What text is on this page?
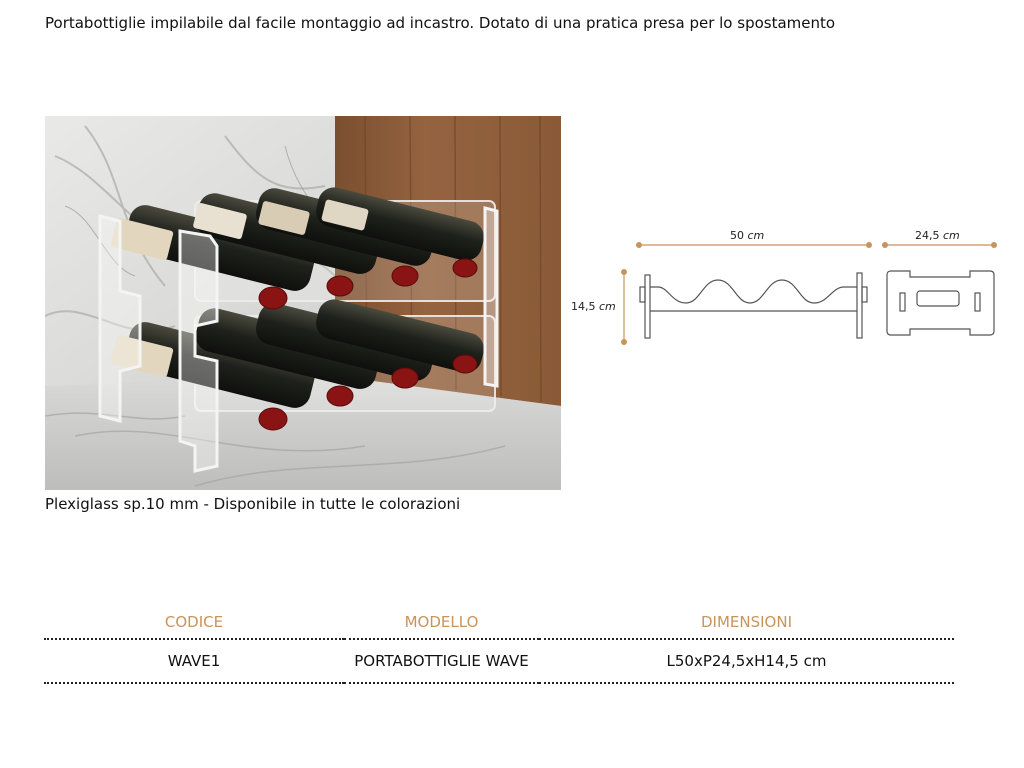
Portabottiglie impilabile dal facile montaggio ad incastro. Dotato di una pratica presa per lo spostamento
Plexiglass sp.10 mm - Disponibile in tutte le colorazioni
50 cm	24,5 cm
14,5 cm
CODICE	MODELLO	DIMENSIONI
WAVE1	PORTABOTTIGLIE WAVE	L50xP24,5xH14,5 cm
